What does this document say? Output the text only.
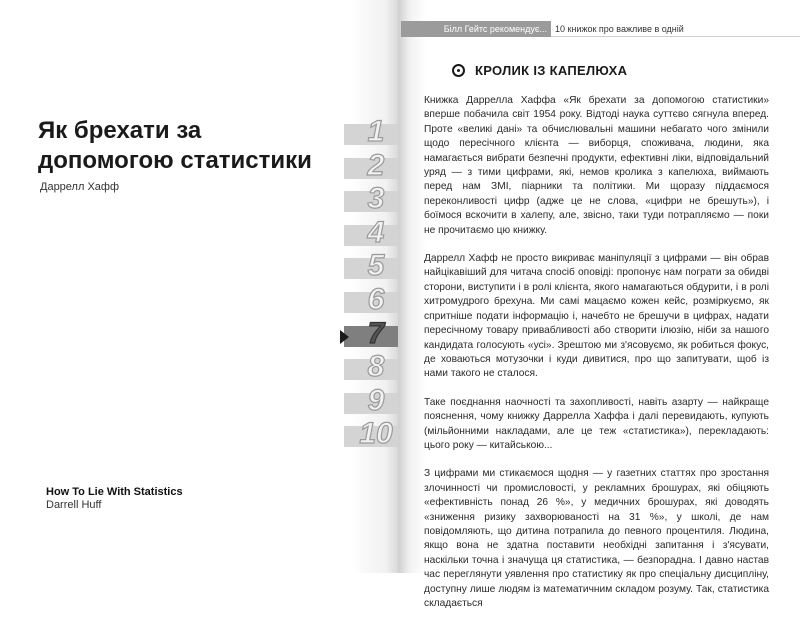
Як брехати за допомогою статистики
Даррелл Хафф
1
2
3
4
5
6
7
8
9
10
How To Lie With Statistics
Darrell Huff
Білл Гейтс рекомендує... 10 книжок про важливе в одній
КРОЛИК ІЗ КАПЕЛЮХА

Книжка Даррелла Хаффа «Як брехати за допомогою статистики» вперше побачила світ 1954 року. Відтоді наука суттєво сягнула вперед. Проте «великі дані» та обчислювальні машини небагато чого змінили щодо пересічного клієнта — виборця, споживача, людини, яка намагається вибрати безпечні продукти, ефективні ліки, відповідальний уряд — з тими цифрами, які, немов кролика з капелюха, виймають перед нам ЗМІ, піарники та політики. Ми щоразу піддаємося переконливості цифр (адже це не слова, «цифри не брешуть»), і боїмося вскочити в халепу, але, звісно, таки туди потрапляємо — поки не прочитаємо цю книжку.

Даррелл Хафф не просто викриває маніпуляції з цифрами — він обрав найцікавіший для читача спосіб оповіді: пропонує нам пограти за обидві сторони, виступити і в ролі клієнта, якого намагаються обдурити, і в ролі хитромудрого брехуна. Ми самі мацаємо кожен кейс, розміркуємо, як спритніше подати інформацію і, начебто не брешучи в цифрах, надати пересічному товару привабливості або створити ілюзію, ніби за нашого кандидата голосують «усі». Зрештою ми з'ясовуємо, як робиться фокус, де ховаються мотузочки і куди дивитися, про що запитувати, щоб із нами такого не сталося.

Таке поєднання наочності та захопливості, навіть азарту — найкраще пояснення, чому книжку Даррелла Хаффа і далі перевидають, купують (мільйонними накладами, але це теж «статистика»), перекладають: цього року — китайською...

З цифрами ми стикаємося щодня — у газетних статтях про зростання злочинності чи промисловості, у рекламних брошурах, які обіцяють «ефективність понад 26 %», у медичних брошурах, які доводять «зниження ризику захворюваності на 31 %», у школі, де нам повідомляють, що дитина потрапила до певного процентиля. Людина, якщо вона не здатна поставити необхідні запитання і з'ясувати, наскільки точна і значуща ця статистика, — безпорадна. І давно настав час переглянути уявлення про статистику як про спеціальну дисципліну, доступну лише людям із математичним складом розуму. Так, статистика складається
